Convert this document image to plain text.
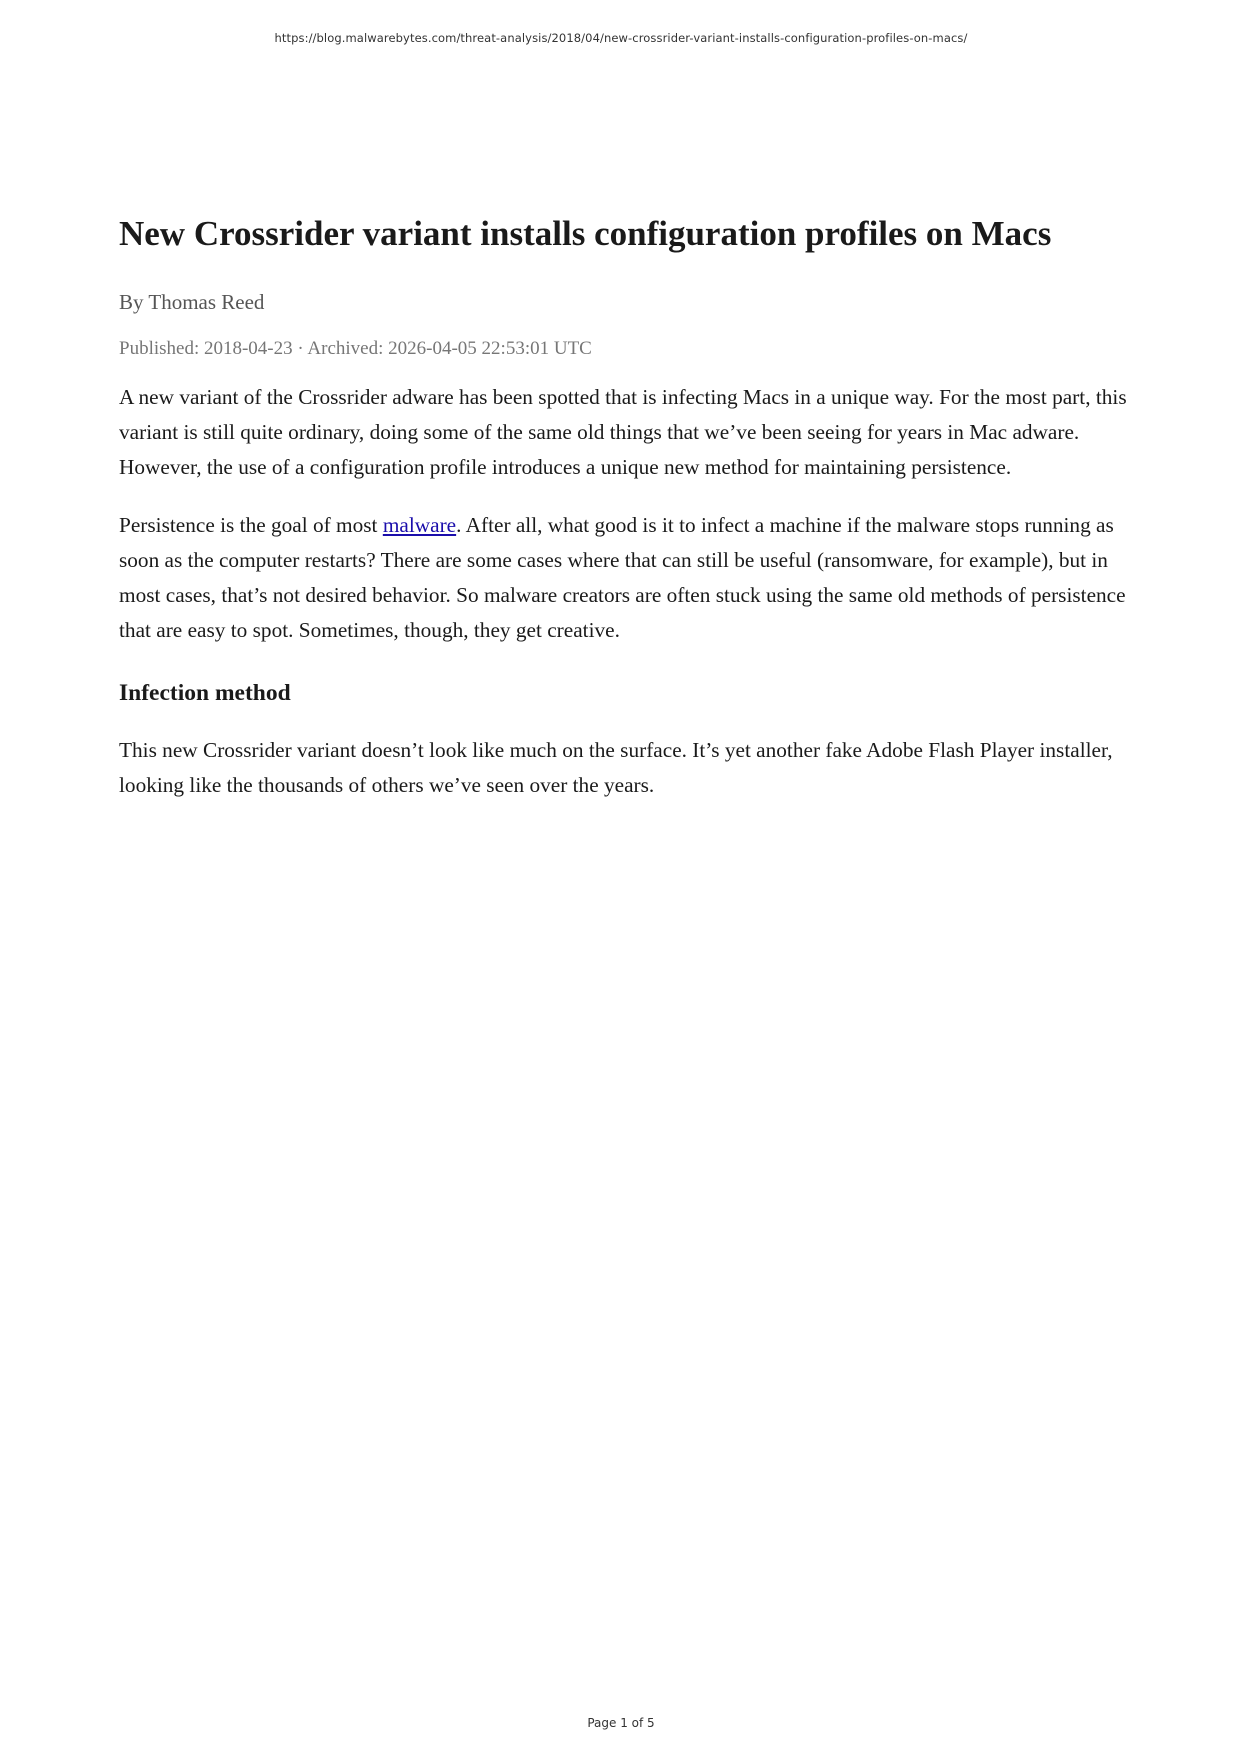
https://blog.malwarebytes.com/threat-analysis/2018/04/new-crossrider-variant-installs-configuration-profiles-on-macs/
New Crossrider variant installs configuration profiles on Macs

By Thomas Reed

Published: 2018-04-23 · Archived: 2026-04-05 22:53:01 UTC

A new variant of the Crossrider adware has been spotted that is infecting Macs in a unique way. For the most part, this variant is still quite ordinary, doing some of the same old things that we’ve been seeing for years in Mac adware. However, the use of a configuration profile introduces a unique new method for maintaining persistence.

Persistence is the goal of most malware. After all, what good is it to infect a machine if the malware stops running as soon as the computer restarts? There are some cases where that can still be useful (ransomware, for example), but in most cases, that’s not desired behavior. So malware creators are often stuck using the same old methods of persistence that are easy to spot. Sometimes, though, they get creative.

Infection method

This new Crossrider variant doesn’t look like much on the surface. It’s yet another fake Adobe Flash Player installer, looking like the thousands of others we’ve seen over the years.

Page 1 of 5
